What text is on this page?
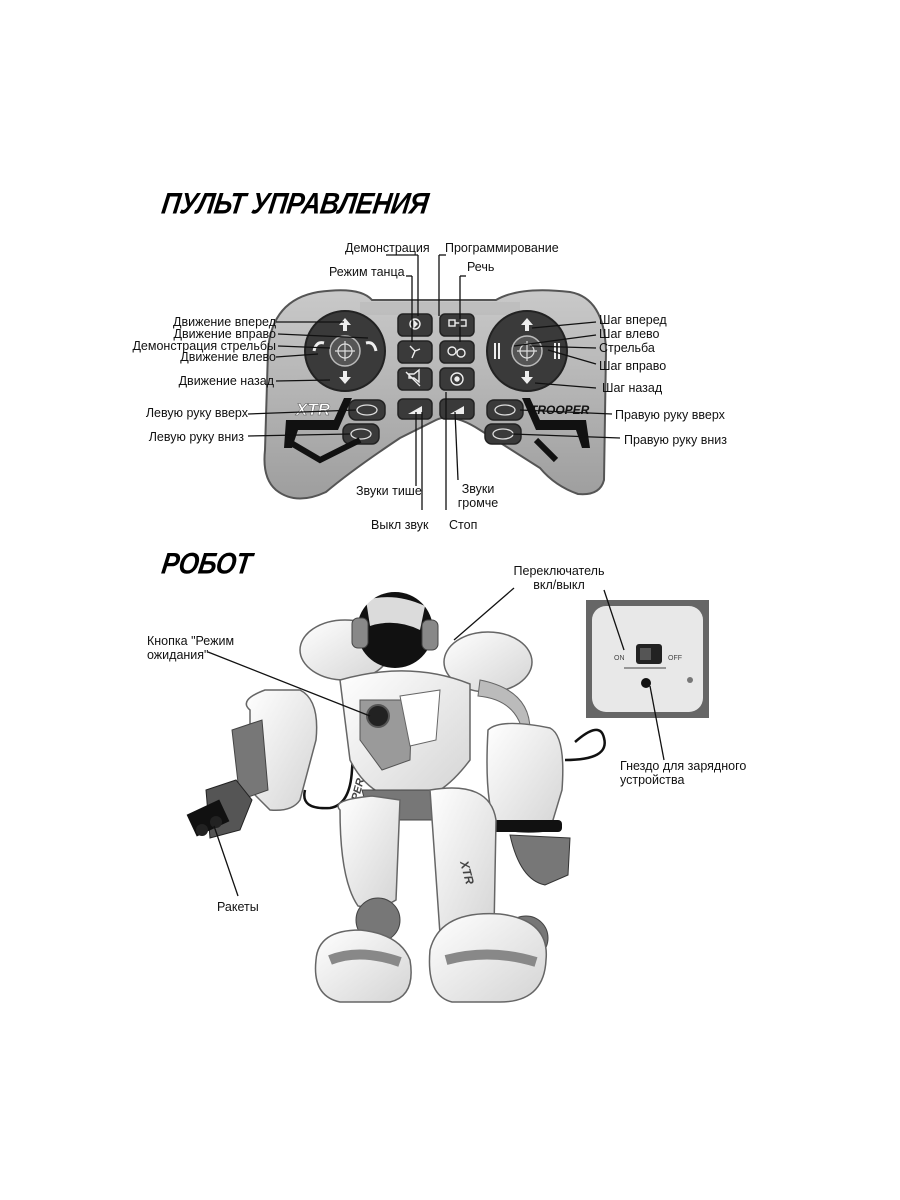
ПУЛЬТ УПРАВЛЕНИЯ
РОБОТ
XTR	TROOPER
XTR
ON	OFF
Демонстрация Программирование
Режим танца	Речь
Движение вперед
Движение вправо
Демонстрация стрельбы
Движение влево
Движение назад
Левую руку вверх
Левую руку вниз
Шаг вперед
Шаг влево
Стрельба
Шаг вправо
Шаг назад
Правую руку вверх
Правую руку вниз
Звуки тише	Звуки
громче
Выкл звук Стоп
Переключатель
вкл/выкл
Кнопка "Режим
ожидания"
Гнездо для зарядного
устройства
Ракеты
